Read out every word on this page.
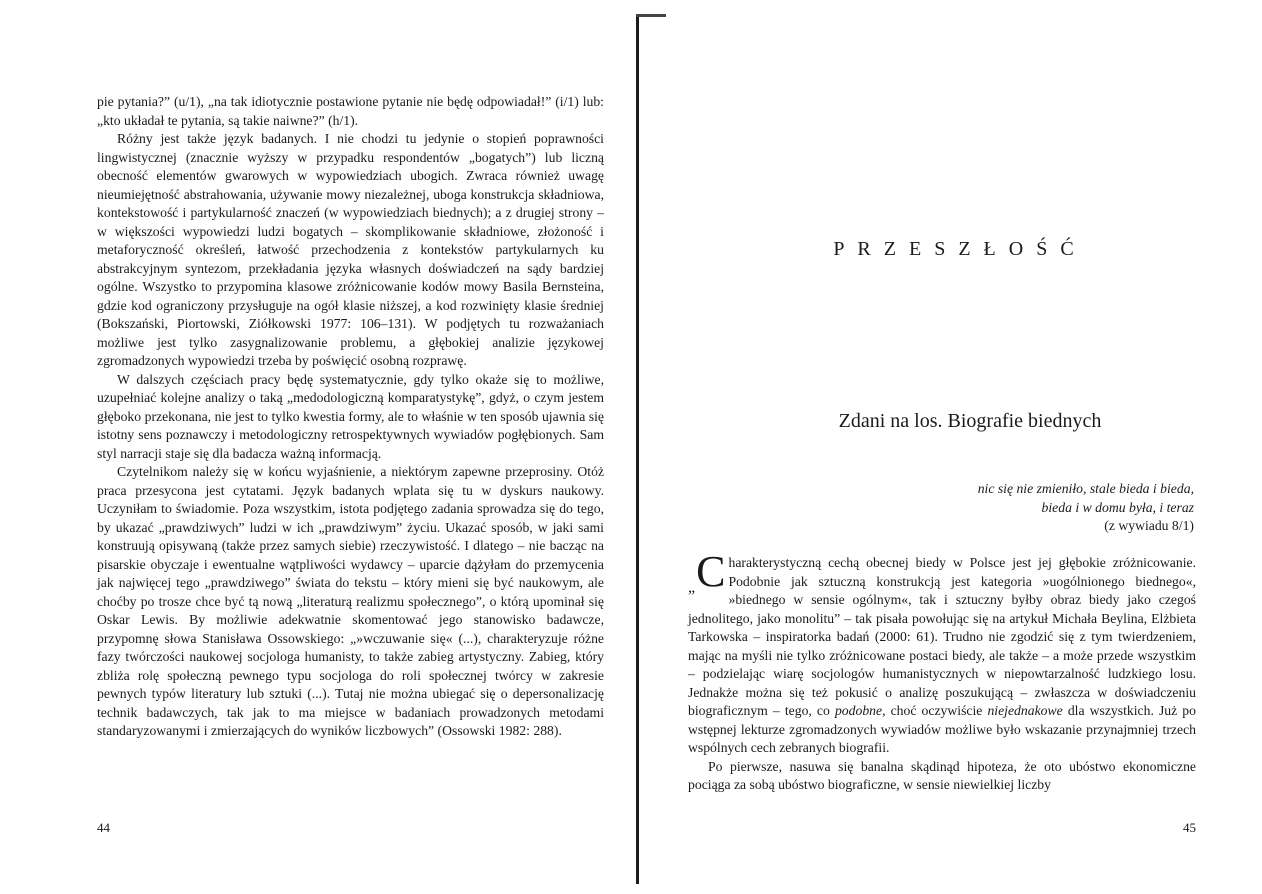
pie pytania?” (u/1), „na tak idiotycznie postawione pytanie nie będę odpowiadał!” (i/1) lub: „kto układał te pytania, są takie naiwne?” (h/1).

Różny jest także język badanych. I nie chodzi tu jedynie o stopień poprawności lingwistycznej (znacznie wyższy w przypadku respondentów „bogatych”) lub liczną obecność elementów gwarowych w wypowiedziach ubogich. Zwraca również uwagę nieumiejętność abstrahowania, używanie mowy niezależnej, uboga konstrukcja składniowa, kontekstowość i partykularność znaczeń (w wypowiedziach biednych); a z drugiej strony – w większości wypowiedzi ludzi bogatych – skomplikowanie składniowe, złożoność i metaforyczność określeń, łatwość przechodzenia z kontekstów partykularnych ku abstrakcyjnym syntezom, przekładania języka własnych doświadczeń na sądy bardziej ogólne. Wszystko to przypomina klasowe zróżnicowanie kodów mowy Basila Bernsteina, gdzie kod ograniczony przysługuje na ogół klasie niższej, a kod rozwinięty klasie średniej (Bokszański, Piortowski, Ziółkowski 1977: 106–131). W podjętych tu rozważaniach możliwe jest tylko zasygnalizowanie problemu, a głębokiej analizie językowej zgromadzonych wypowiedzi trzeba by poświęcić osobną rozprawę.

W dalszych częściach pracy będę systematycznie, gdy tylko okaże się to możliwe, uzupełniać kolejne analizy o taką „medodologiczną komparatystykę”, gdyż, o czym jestem głęboko przekonana, nie jest to tylko kwestia formy, ale to właśnie w ten sposób ujawnia się istotny sens poznawczy i metodologiczny retrospektywnych wywiadów pogłębionych. Sam styl narracji staje się dla badacza ważną informacją.

Czytelnikom należy się w końcu wyjaśnienie, a niektórym zapewne przeprosiny. Otóż praca przesycona jest cytatami. Język badanych wplata się tu w dyskurs naukowy. Uczyniłam to świadomie. Poza wszystkim, istota podjętego zadania sprowadza się do tego, by ukazać „prawdziwych” ludzi w ich „prawdziwym” życiu. Ukazać sposób, w jaki sami konstruują opisywaną (także przez samych siebie) rzeczywistość. I dlatego – nie bacząc na pisarskie obyczaje i ewentualne wątpliwości wydawcy – uparcie dążyłam do przemycenia jak najwięcej tego „prawdziwego” świata do tekstu – który mieni się być naukowym, ale choćby po trosze chce być tą nową „literaturą realizmu społecznego”, o którą upominał się Oskar Lewis. By możliwie adekwatnie skomentować jego stanowisko badawcze, przypomnę słowa Stanisława Ossowskiego: „»wczuwanie się« (...), charakteryzuje różne fazy twórczości naukowej socjologa humanisty, to także zabieg artystyczny. Zabieg, który zbliża rolę społeczną pewnego typu socjologa do roli społecznej twórcy w zakresie pewnych typów literatury lub sztuki (...). Tutaj nie można ubiegać się o depersonalizację technik badawczych, tak jak to ma miejsce w badaniach prowadzonych metodami standaryzowanymi i zmierzających do wyników liczbowych” (Ossowski 1982: 288).

44
PRZESZŁOŚĆ
Zdani na los. Biografie biednych
nic się nie zmieniło, stale bieda i bieda,
bieda i w domu była, i teraz
(z wywiadu 8/1)

„C harakterystyczną cechą obecnej biedy w Polsce jest jej głębokie zróżnicowanie. Podobnie jak sztuczną konstrukcją jest kategoria »uogólnionego biednego«, »biednego w sensie ogólnym«, tak i sztuczny byłby obraz biedy jako czegoś jednolitego, jako monolitu” – tak pisała powołując się na artykuł Michała Beylina, Elżbieta Tarkowska – inspiratorka badań (2000: 61). Trudno nie zgodzić się z tym twierdzeniem, mając na myśli nie tylko zróżnicowane postaci biedy, ale także – a może przede wszystkim – podzielając wiarę socjologów humanistycznych w niepowtarzalność ludzkiego losu. Jednakże można się też pokusić o analizę poszukującą – zwłaszcza w doświadczeniu biograficznym – tego, co podobne, choć oczywiście niejednakowe dla wszystkich. Już po wstępnej lekturze zgromadzonych wywiadów możliwe było wskazanie przynajmniej trzech wspólnych cech zebranych biografii.

Po pierwsze, nasuwa się banalna skądinąd hipoteza, że oto ubóstwo ekonomiczne pociąga za sobą ubóstwo biograficzne, w sensie niewielkiej liczby

45
